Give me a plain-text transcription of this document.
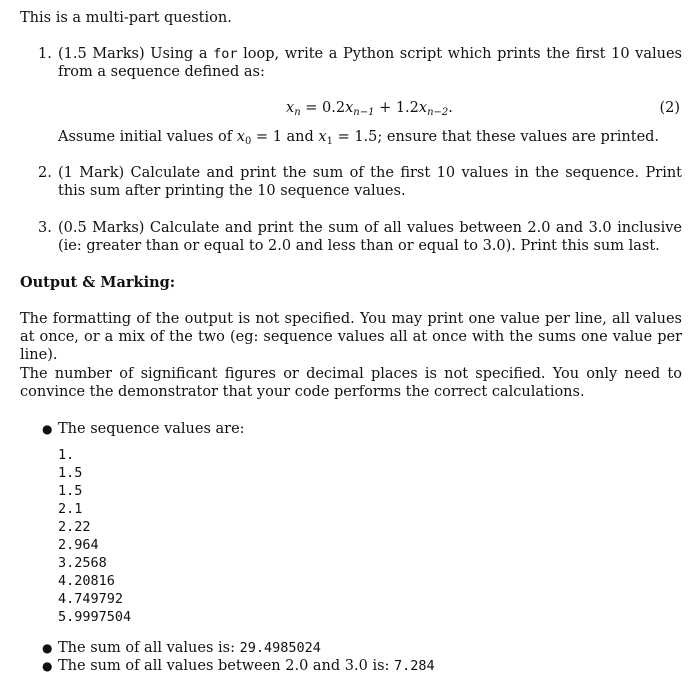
This is a multi-part question.
1. (1.5 Marks) Using a for loop, write a Python script which prints the first 10 values from a sequence defined as:
$x_n = 0.2x_{n-1} + 1.2x_{n-2}$.	(2)
Assume initial values of $x_0 = 1$ and $x_1 = 1.5$; ensure that these values are printed.
2. (1 Mark) Calculate and print the sum of the first 10 values in the sequence. Print this sum after printing the 10 sequence values.
3. (0.5 Marks) Calculate and print the sum of all values between 2.0 and 3.0 inclusive (ie: greater than or equal to 2.0 and less than or equal to 3.0). Print this sum last.
Output & Marking:
The formatting of the output is not specified. You may print one value per line, all values at once, or a mix of the two (eg: sequence values all at once with the sums one value per line).
The number of significant figures or decimal places is not specified. You only need to convince the demonstrator that your code performs the correct calculations.
● The sequence values are:
1.
1.5
1.5
2.1
2.22
2.964
3.2568
4.20816
4.749792
5.9997504
● The sum of all values is: 29.4985024
● The sum of all values between 2.0 and 3.0 is: 7.284
